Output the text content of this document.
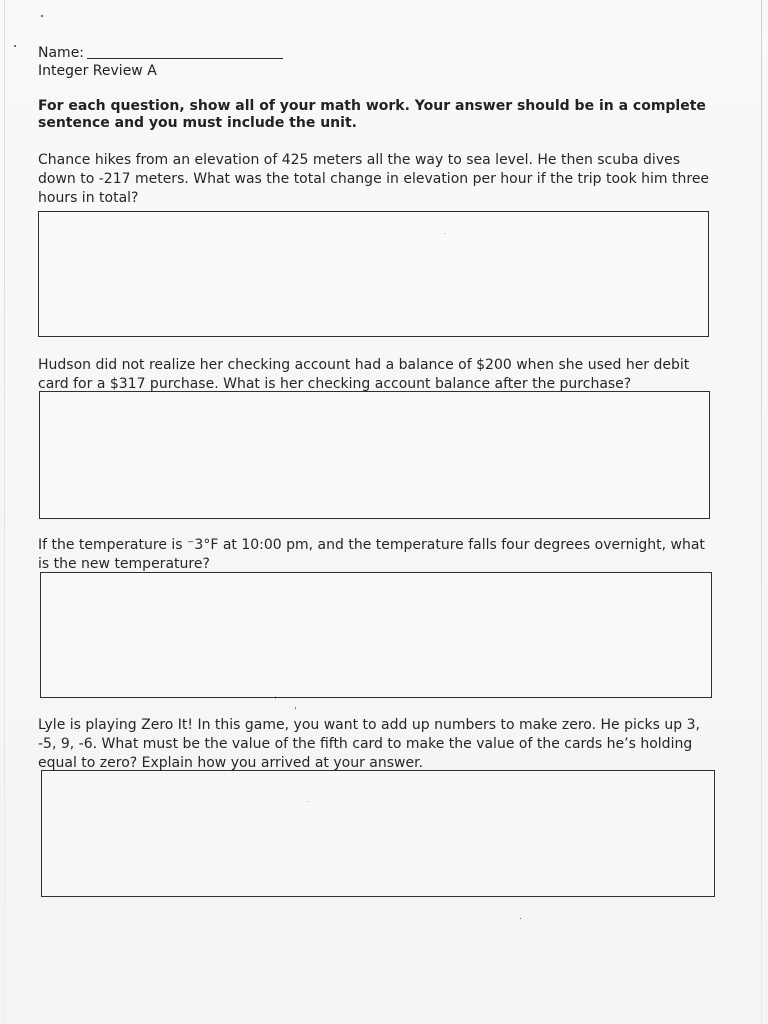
Name:
Integer Review A
For each question, show all of your math work. Your answer should be in a complete sentence and you must include the unit.
Chance hikes from an elevation of 425 meters all the way to sea level. He then scuba dives down to -217 meters. What was the total change in elevation per hour if the trip took him three hours in total?
Hudson did not realize her checking account had a balance of $200 when she used her debit card for a $317 purchase. What is her checking account balance after the purchase?
If the temperature is ⁻3°F at 10:00 pm, and the temperature falls four degrees overnight, what is the new temperature?
ˈ ˌ
Lyle is playing Zero It! In this game, you want to add up numbers to make zero. He picks up 3, -5, 9, -6. What must be the value of the fifth card to make the value of the cards he’s holding equal to zero? Explain how you arrived at your answer.
